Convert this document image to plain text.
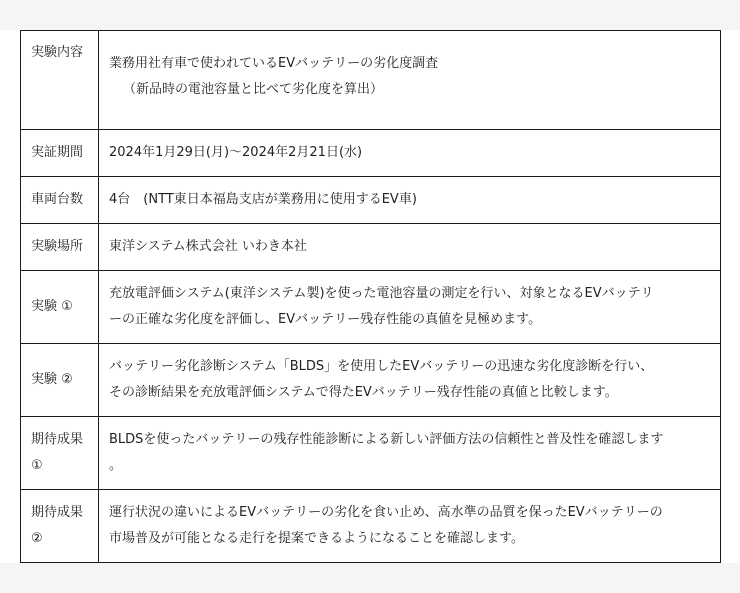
実験内容	業務用社有車で使われているEVバッテリーの劣化度調査
（新品時の電池容量と比べて劣化度を算出）

実証期間	2024年1月29日(月)〜2024年2月21日(水)

車両台数	4台　(NTT東日本福島支店が業務用に使用するEV車)

実験場所	東洋システム株式会社 いわき本社

実験 ①	充放電評価システム(東洋システム製)を使った電池容量の測定を行い、対象となるEVバッテリ
ーの正確な劣化度を評価し、EVバッテリー残存性能の真値を見極めます。

実験 ②	バッテリー劣化診断システム「BLDS」を使用したEVバッテリーの迅速な劣化度診断を行い、
その診断結果を充放電評価システムで得たEVバッテリー残存性能の真値と比較します。

期待成果
①	BLDSを使ったバッテリーの残存性能診断による新しい評価方法の信頼性と普及性を確認します
。

期待成果
②	運行状況の違いによるEVバッテリーの劣化を食い止め、高水準の品質を保ったEVバッテリーの
市場普及が可能となる走行を提案できるようになることを確認します。
